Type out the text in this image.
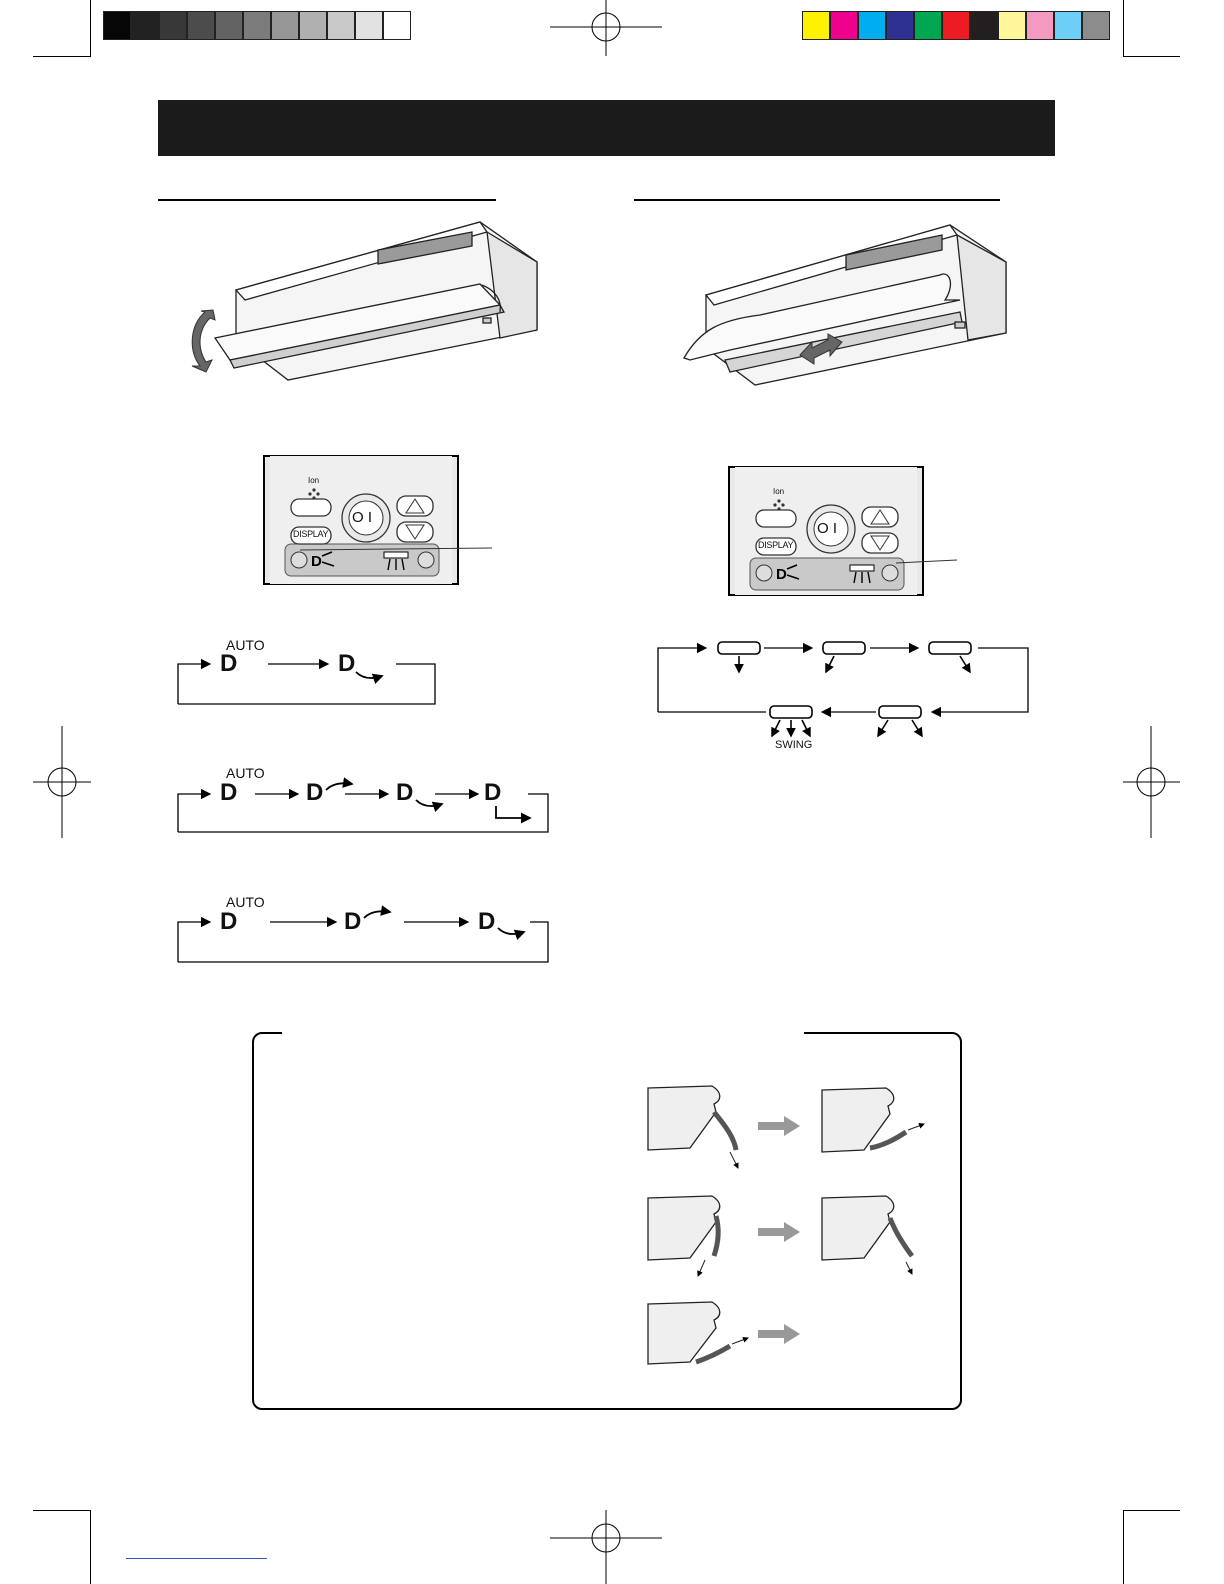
D
D
Ion
DISPLAY
O I
Ion
DISPLAY
O I
AUTO
D	D
AUTO
D	D	D	D
AUTO
D	D	D
SWING
